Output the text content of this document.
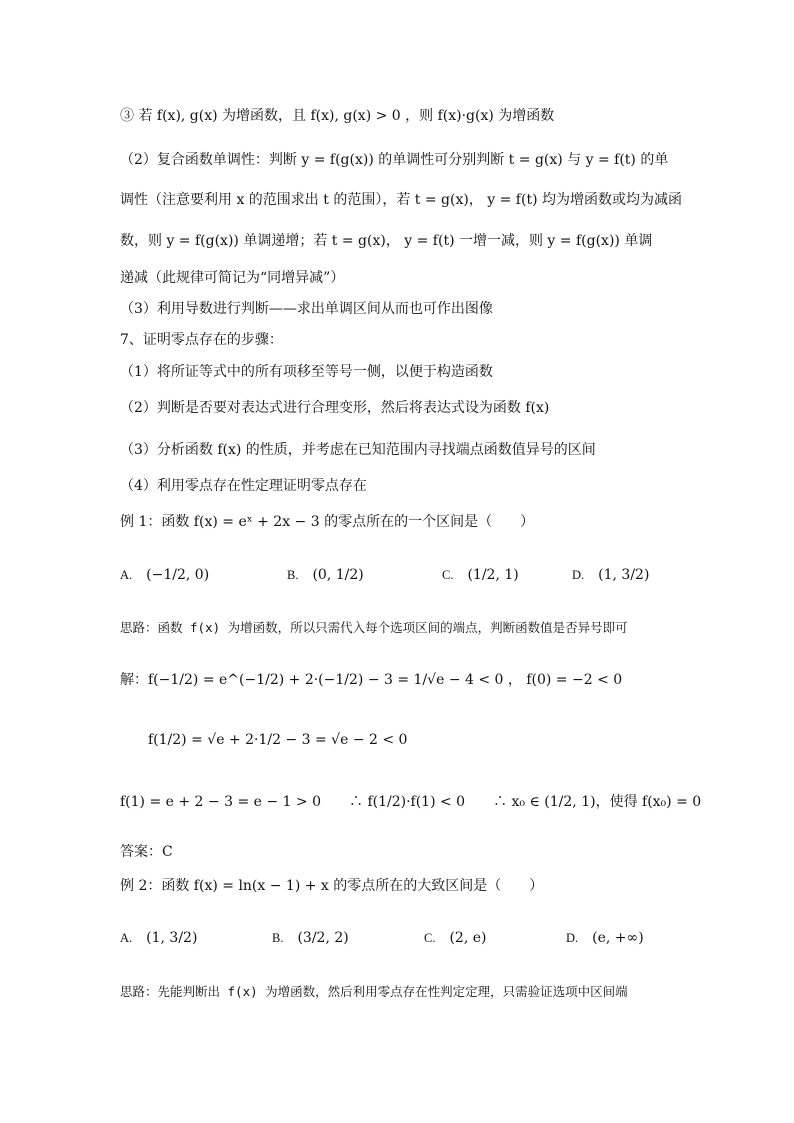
③ 若 f(x), g(x) 为增函数，且 f(x), g(x) > 0 ，则 f(x)·g(x) 为增函数
（2）复合函数单调性：判断 y = f(g(x)) 的单调性可分别判断 t = g(x) 与 y = f(t) 的单
调性（注意要利用 x 的范围求出 t 的范围），若 t = g(x)， y = f(t) 均为增函数或均为减函
数，则 y = f(g(x)) 单调递增；若 t = g(x)， y = f(t) 一增一减，则 y = f(g(x)) 单调
递减（此规律可简记为“同增异减”）
（3）利用导数进行判断——求出单调区间从而也可作出图像
7、证明零点存在的步骤：
（1）将所证等式中的所有项移至等号一侧，以便于构造函数
（2）判断是否要对表达式进行合理变形，然后将表达式设为函数 f(x)
（3）分析函数 f(x) 的性质，并考虑在已知范围内寻找端点函数值异号的区间
（4）利用零点存在性定理证明零点存在
例 1：函数 f(x) = eˣ + 2x − 3 的零点所在的一个区间是（　　）
A. (−1/2, 0)	B. (0, 1/2)	C. (1/2, 1)	D. (1, 3/2)
思路：函数 f(x) 为增函数，所以只需代入每个选项区间的端点，判断函数值是否异号即可
解：f(−1/2) = e^(−1/2) + 2·(−1/2) − 3 = 1/√e − 4 < 0 ， f(0) = −2 < 0
f(1/2) = √e + 2·1/2 − 3 = √e − 2 < 0
f(1) = e + 2 − 3 = e − 1 > 0　　∴ f(1/2)·f(1) < 0　　∴ x₀ ∈ (1/2, 1)，使得 f(x₀) = 0
答案：C
例 2：函数 f(x) = ln(x − 1) + x 的零点所在的大致区间是（　　）
A. (1, 3/2)	B. (3/2, 2)	C. (2, e)	D. (e, +∞)
思路：先能判断出 f(x) 为增函数，然后利用零点存在性判定定理，只需验证选项中区间端
